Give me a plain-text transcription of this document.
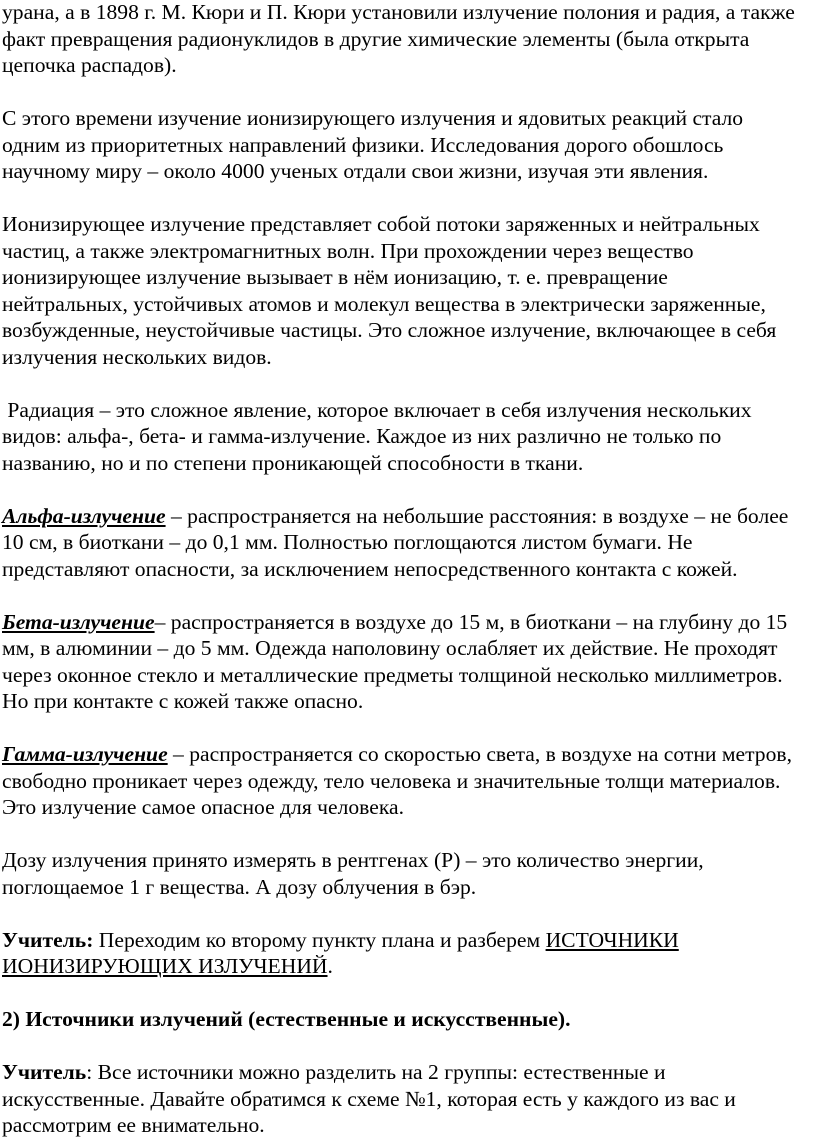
урана, а в 1898 г. М. Кюри и П. Кюри установили излучение полония и радия, а также факт превращения радионуклидов в другие химические элементы (была открыта цепочка распадов).

С этого времени изучение ионизирующего излучения и ядовитых реакций стало одним из приоритетных направлений физики. Исследования дорого обошлось научному миру – около 4000 ученых отдали свои жизни, изучая эти явления.

Ионизирующее излучение представляет собой потоки заряженных и нейтральных частиц, а также электромагнитных волн. При прохождении через вещество ионизирующее излучение вызывает в нём ионизацию, т. е. превращение нейтральных, устойчивых атомов и молекул вещества в электрически заряженные, возбужденные, неустойчивые частицы. Это сложное излучение, включающее в себя излучения нескольких видов.

Радиация – это сложное явление, которое включает в себя излучения нескольких видов: альфа-, бета- и гамма-излучение. Каждое из них различно не только по названию, но и по степени проникающей способности в ткани.

Альфа-излучение – распространяется на небольшие расстояния: в воздухе – не более 10 см, в биоткани – до 0,1 мм. Полностью поглощаются листом бумаги. Не представляют опасности, за исключением непосредственного контакта с кожей.

Бета-излучение– распространяется в воздухе до 15 м, в биоткани – на глубину до 15 мм, в алюминии – до 5 мм. Одежда наполовину ослабляет их действие. Не проходят через оконное стекло и металлические предметы толщиной несколько миллиметров. Но при контакте с кожей также опасно.

Гамма-излучение – распространяется со скоростью света, в воздухе на сотни метров, свободно проникает через одежду, тело человека и значительные толщи материалов. Это излучение самое опасное для человека.

Дозу излучения принято измерять в рентгенах (Р) – это количество энергии, поглощаемое 1 г вещества. А дозу облучения в бэр.

Учитель: Переходим ко второму пункту плана и разберем ИСТОЧНИКИ ИОНИЗИРУЮЩИХ ИЗЛУЧЕНИЙ.

2) Источники излучений (естественные и искусственные).

Учитель: Все источники можно разделить на 2 группы: естественные и искусственные. Давайте обратимся к схеме №1, которая есть у каждого из вас и рассмотрим ее внимательно.
